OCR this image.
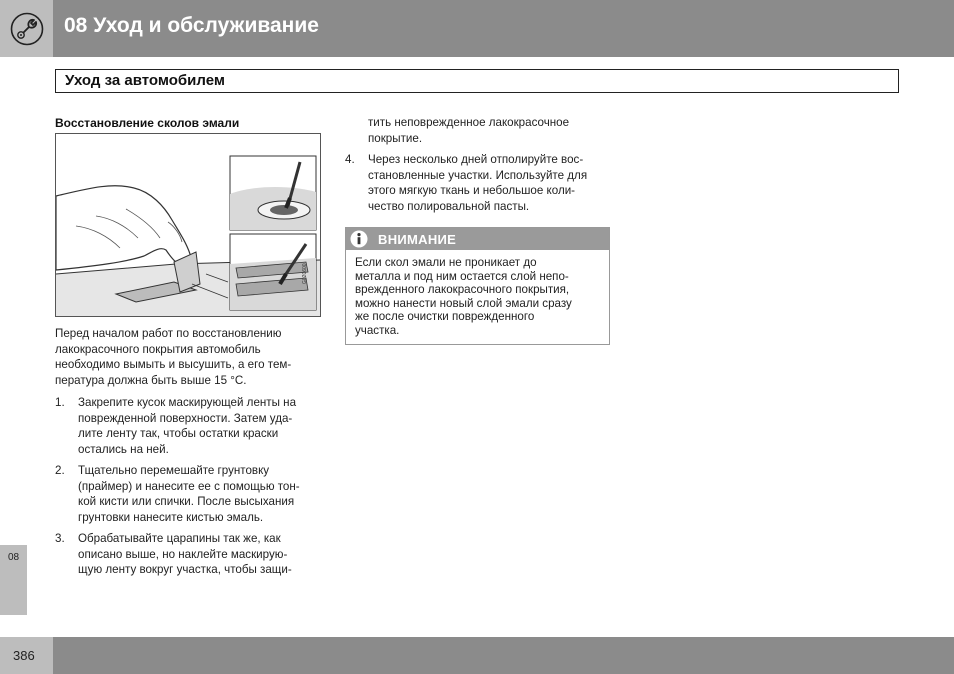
08 Уход и обслуживание
Уход за автомобилем
Восстановление сколов эмали
G020600
Перед началом работ по восстановлению
лакокрасочного покрытия автомобиль
необходимо вымыть и высушить, а его тем-
пература должна быть выше 15 °C.
1. Закрепите кусок маскирующей ленты на
поврежденной поверхности. Затем уда-
лите ленту так, чтобы остатки краски
остались на ней.
2. Тщательно перемешайте грунтовку
(праймер) и нанесите ее с помощью тон-
кой кисти или спички. После высыхания
грунтовки нанесите кистью эмаль.
3. Обрабатывайте царапины так же, как
описано выше, но наклейте маскирую-
щую ленту вокруг участка, чтобы защи-
тить неповрежденное лакокрасочное
покрытие.
4. Через несколько дней отполируйте вос-
становленные участки. Используйте для
этого мягкую ткань и небольшое коли-
чество полировальной пасты.
ВНИМАНИЕ
Если скол эмали не проникает до
металла и под ним остается слой непо-
врежденного лакокрасочного покрытия,
можно нанести новый слой эмали сразу
же после очистки поврежденного
участка.
08
386
